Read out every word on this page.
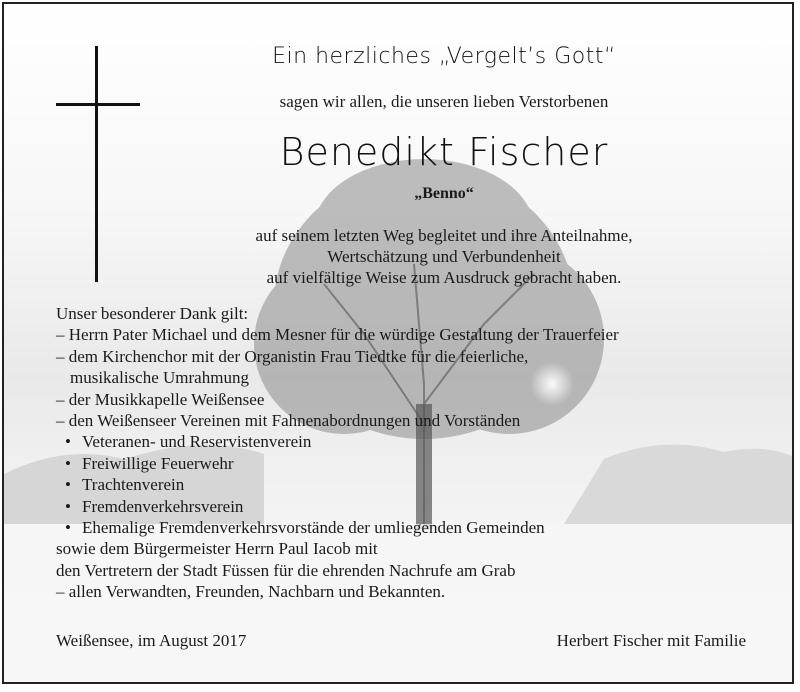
Ein herzliches „Vergelt’s Gott“
sagen wir allen, die unseren lieben Verstorbenen
Benedikt Fischer
„Benno“
auf seinem letzten Weg begleitet und ihre Anteilnahme,
Wertschätzung und Verbundenheit
auf vielfältige Weise zum Ausdruck gebracht haben.
Unser besonderer Dank gilt:
– Herrn Pater Michael und dem Mesner für die würdige Gestaltung der Trauerfeier
– dem Kirchenchor mit der Organistin Frau Tiedtke für die feierliche,
musikalische Umrahmung
– der Musikkapelle Weißensee
– den Weißenseer Vereinen mit Fahnenabordnungen und Vorständen
• Veteranen- und Reservistenverein
• Freiwillige Feuerwehr
• Trachtenverein
• Fremdenverkehrsverein
• Ehemalige Fremdenverkehrsvorstände der umliegenden Gemeinden
sowie dem Bürgermeister Herrn Paul Iacob mit
den Vertretern der Stadt Füssen für die ehrenden Nachrufe am Grab
– allen Verwandten, Freunden, Nachbarn und Bekannten.
Weißensee, im August 2017	Herbert Fischer mit Familie
